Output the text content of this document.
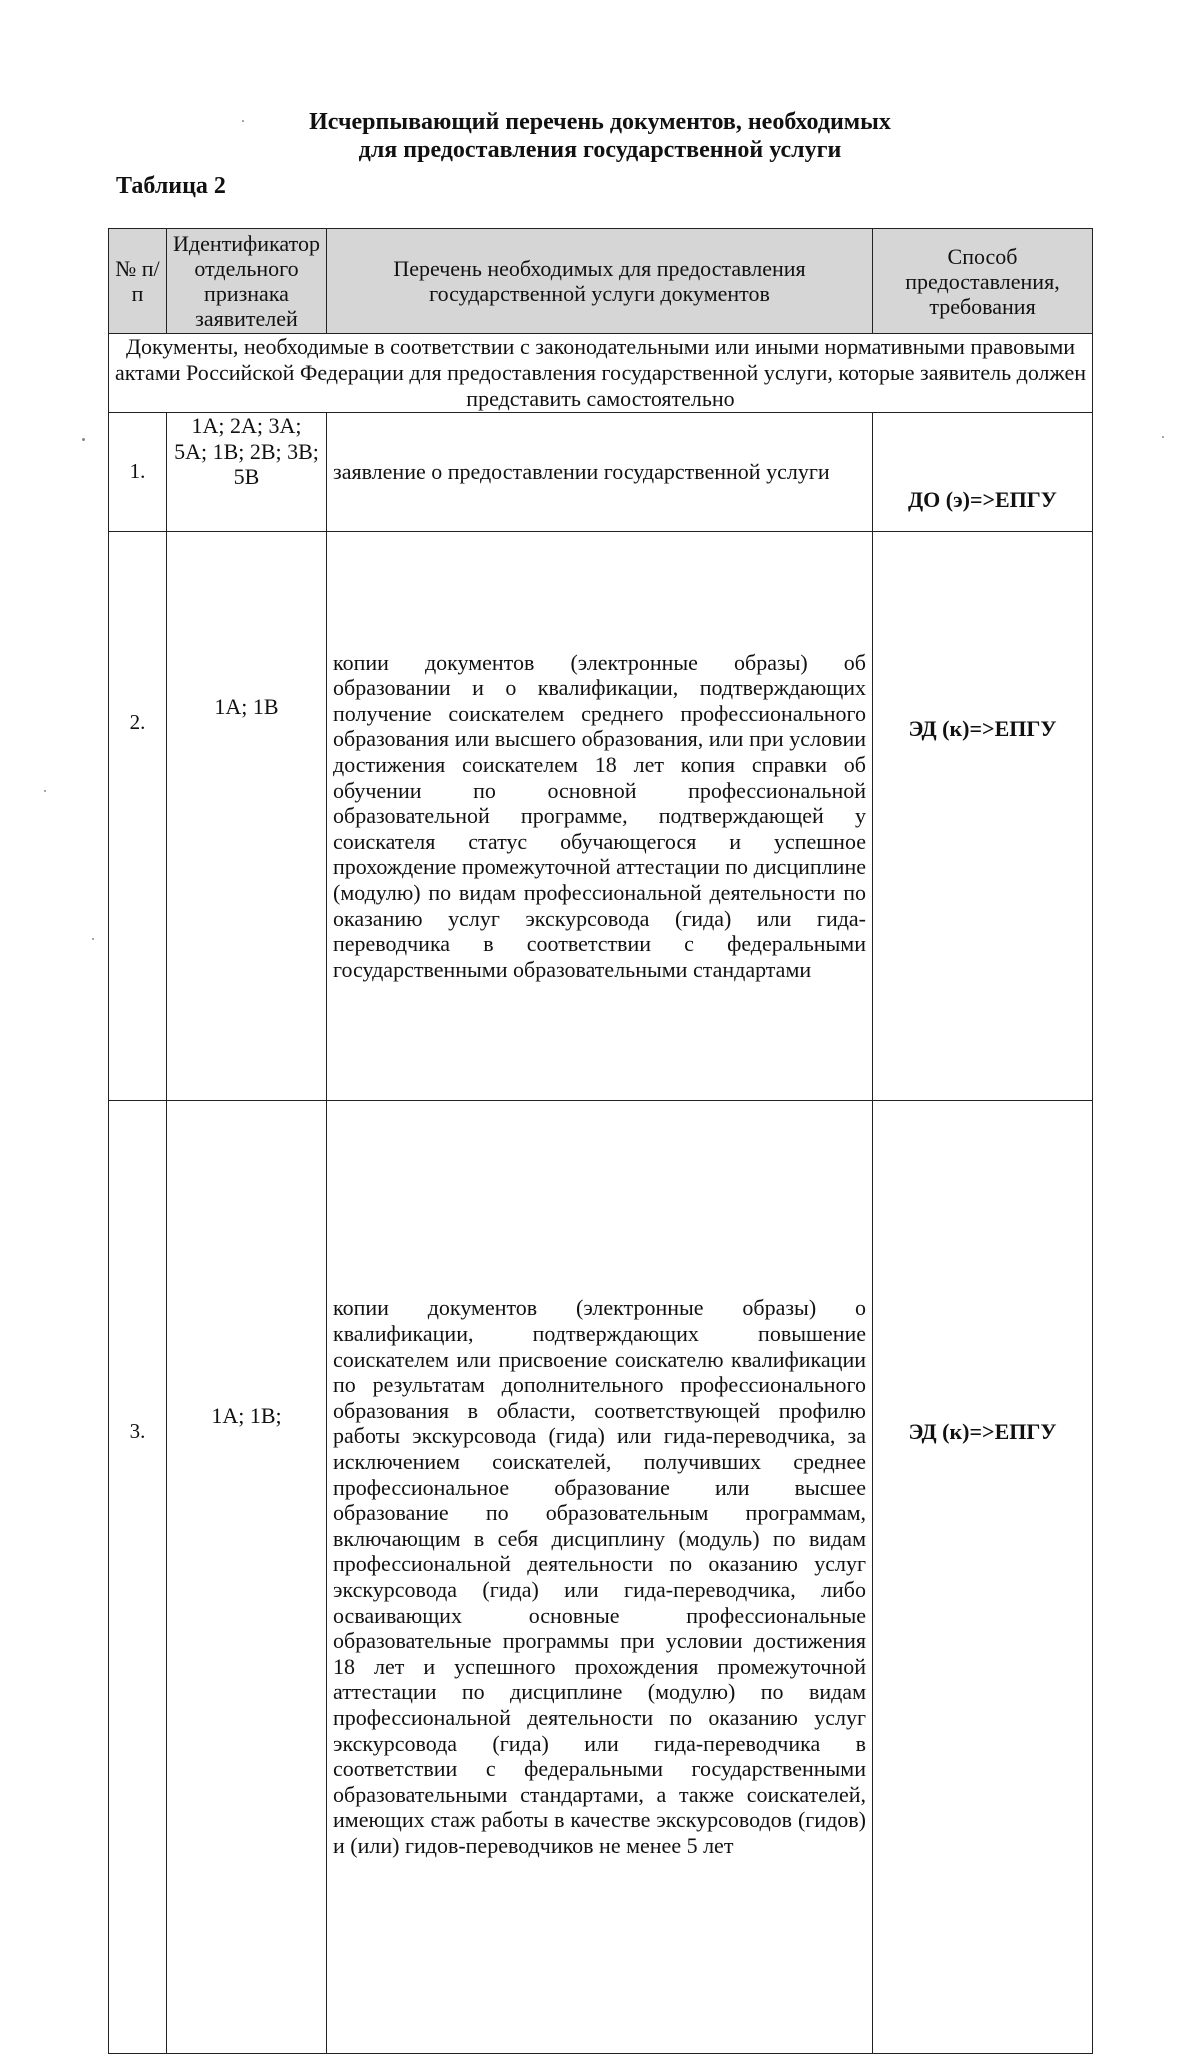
Исчерпывающий перечень документов, необходимых
для предоставления государственной услуги
Таблица 2
№ п/п	Идентификатор отдельного признака заявителей	Перечень необходимых для предоставления государственной услуги документов	Способ предоставления, требования
Документы, необходимые в соответствии с законодательными или иными нормативными правовыми актами Российской Федерации для предоставления государственной услуги, которые заявитель должен представить самостоятельно			
1.	1А; 2А; 3А; 5А; 1В; 2В; 3В; 5В	заявление о предоставлении государственной услуги	ДО (э)=>ЕПГУ
2.	1А; 1В	копии документов (электронные образы) об образовании и о квалификации, подтверждающих получение соискателем среднего профессионального образования или высшего образования, или при условии достижения соискателем 18 лет копия справки об обучении по основной профессиональной образовательной программе, подтверждающей у соискателя статус обучающегося и успешное прохождение промежуточной аттестации по дисциплине (модулю) по видам профессиональной деятельности по оказанию услуг экскурсовода (гида) или гида-переводчика в соответствии с федеральными государственными образовательными стандартами	ЭД (к)=>ЕПГУ
3.	1А; 1В;	копии документов (электронные образы) о квалификации, подтверждающих повышение соискателем или присвоение соискателю квалификации по результатам дополнительного профессионального образования в области, соответствующей профилю работы экскурсовода (гида) или гида-переводчика, за исключением соискателей, получивших среднее профессиональное образование или высшее образование по образовательным программам, включающим в себя дисциплину (модуль) по видам профессиональной деятельности по оказанию услуг экскурсовода (гида) или гида-переводчика, либо осваивающих основные профессиональные образовательные программы при условии достижения 18 лет и успешного прохождения промежуточной аттестации по дисциплине (модулю) по видам профессиональной деятельности по оказанию услуг экскурсовода (гида) или гида-переводчика в соответствии с федеральными государственными образовательными стандартами, а также соискателей, имеющих стаж работы в качестве экскурсоводов (гидов) и (или) гидов-переводчиков не менее 5 лет	ЭД (к)=>ЕПГУ
